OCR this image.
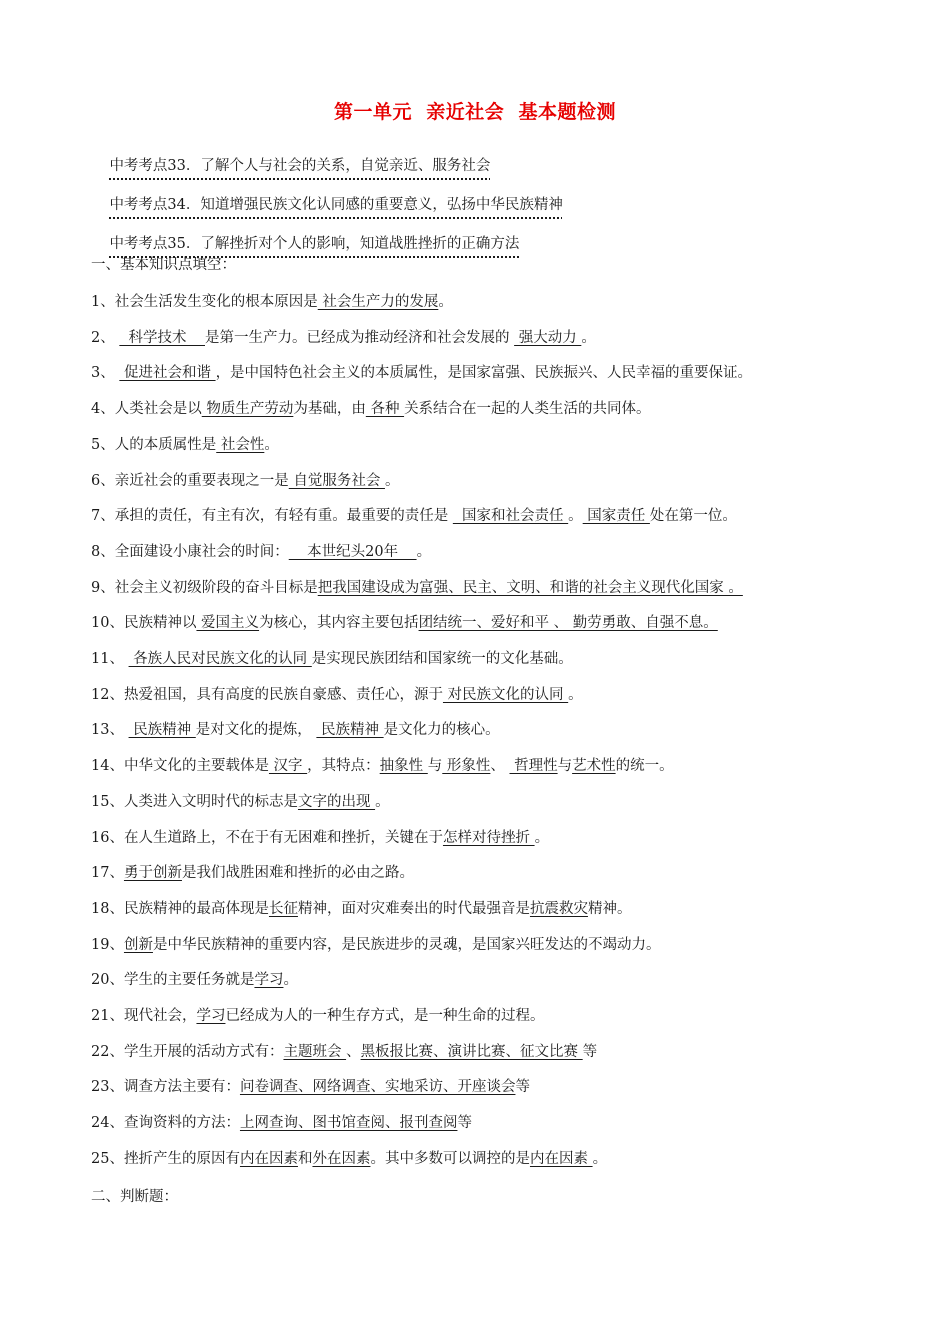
第一单元  亲近社会  基本题检测

中考考点33．了解个人与社会的关系，自觉亲近、服务社会

中考考点34．知道增强民族文化认同感的重要意义，弘扬中华民族精神

中考考点35．了解挫折对个人的影响，知道战胜挫折的正确方法

一、基本知识点填空：
1、社会生活发生变化的根本原因是 社会生产力的发展。
2、   科学技术    是第一生产力。已经成为推动经济和社会发展的  强大动力 。
3、  促进社会和谐 ，是中国特色社会主义的本质属性，是国家富强、民族振兴、人民幸福的重要保证。
4、人类社会是以 物质生产劳动为基础，由 各种 关系结合在一起的人类生活的共同体。
5、人的本质属性是 社会性。
6、亲近社会的重要表现之一是 自觉服务社会 。
7、承担的责任，有主有次，有轻有重。最重要的责任是   国家和社会责任 。 国家责任 处在第一位。
8、全面建设小康社会的时间：    本世纪头20年    。
9、社会主义初级阶段的奋斗目标是把我国建设成为富强、民主、文明、和谐的社会主义现代化国家 。
10、民族精神以 爱国主义为核心，其内容主要包括团结统一、爱好和平 、 勤劳勇敢、自强不息。
11、  各族人民对民族文化的认同 是实现民族团结和国家统一的文化基础。
12、热爱祖国，具有高度的民族自豪感、责任心，源于 对民族文化的认同 。
13、  民族精神 是对文化的提炼，  民族精神 是文化力的核心。
14、中华文化的主要载体是 汉字 ，其特点：抽象性 与 形象性、  哲理性与艺术性的统一。
15、人类进入文明时代的标志是文字的出现 。
16、在人生道路上，不在于有无困难和挫折，关键在于怎样对待挫折 。
17、勇于创新是我们战胜困难和挫折的必由之路。
18、民族精神的最高体现是长征精神，面对灾难奏出的时代最强音是抗震救灾精神。
19、创新是中华民族精神的重要内容，是民族进步的灵魂，是国家兴旺发达的不竭动力。
20、学生的主要任务就是学习。
21、现代社会，学习已经成为人的一种生存方式，是一种生命的过程。
22、学生开展的活动方式有：主题班会 、黑板报比赛、演讲比赛、征文比赛 等
23、调查方法主要有：问卷调查、网络调查、实地采访、开座谈会等
24、查询资料的方法：上网查询、图书馆查阅、报刊查阅等
25、挫折产生的原因有内在因素和外在因素。其中多数可以调控的是内在因素 。
二、判断题：
